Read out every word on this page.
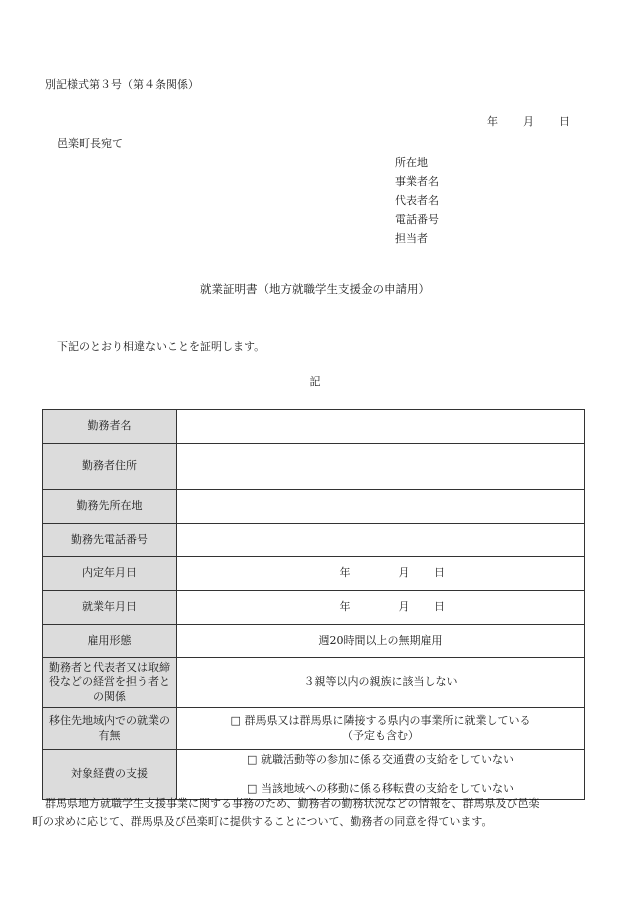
別記様式第３号（第４条関係）
年 月 日
邑楽町長宛て
所在地
事業者名
代表者名
電話番号
担当者
就業証明書（地方就職学生支援金の申請用）
下記のとおり相違ないことを証明します。
記
勤務者名	
勤務者住所	
勤務先所在地	
勤務先電話番号	
内定年月日	年 月 日
就業年月日	年 月 日
雇用形態	週20時間以上の無期雇用
勤務者と代表者又は取締役などの経営を担う者との関係	３親等以内の親族に該当しない
移住先地域内での就業の有無	□ 群馬県又は群馬県に隣接する県内の事業所に就業している
（予定も含む）

対象経費の支援	□ 就職活動等の参加に係る交通費の支給をしていない
□ 当該地域への移動に係る移転費の支給をしていない

群馬県地方就職学生支援事業に関する事務のため、勤務者の勤務状況などの情報を、群馬県及び邑楽

町の求めに応じて、群馬県及び邑楽町に提供することについて、勤務者の同意を得ています。
